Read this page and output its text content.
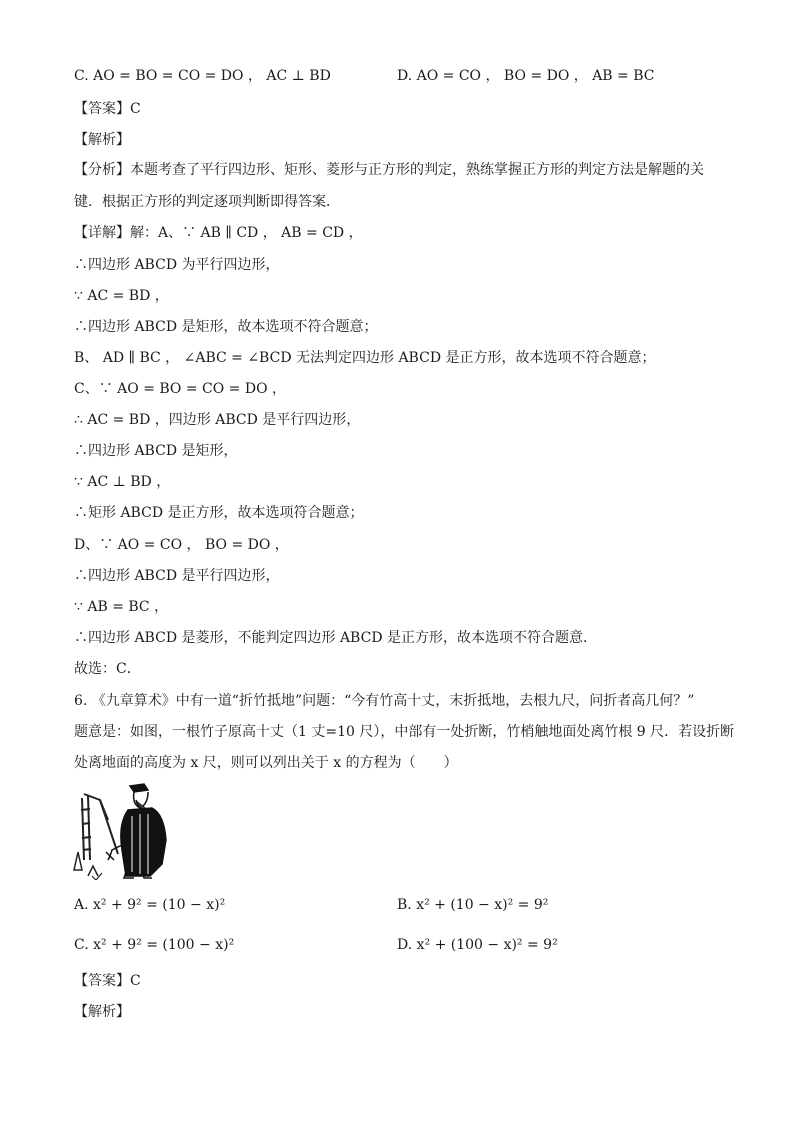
C. AO = BO = CO = DO ， AC ⊥ BD	D. AO = CO ， BO = DO ， AB = BC
【答案】C
【解析】
【分析】本题考查了平行四边形、矩形、菱形与正方形的判定，熟练掌握正方形的判定方法是解题的关
键．根据正方形的判定逐项判断即得答案．
【详解】解：A、∵ AB ∥ CD ， AB = CD ，
∴四边形 ABCD 为平行四边形，
∵ AC = BD ，
∴四边形 ABCD 是矩形，故本选项不符合题意；
B、 AD ∥ BC ， ∠ABC = ∠BCD 无法判定四边形 ABCD 是正方形，故本选项不符合题意；
C、∵ AO = BO = CO = DO ，
∴ AC = BD ，四边形 ABCD 是平行四边形，
∴四边形 ABCD 是矩形，
∵ AC ⊥ BD ，
∴矩形 ABCD 是正方形，故本选项符合题意；
D、∵ AO = CO ， BO = DO ，
∴四边形 ABCD 是平行四边形，
∵ AB = BC ，
∴四边形 ABCD 是菱形，不能判定四边形 ABCD 是正方形，故本选项不符合题意．
故选：C．
6. 《九章算术》中有一道“折竹抵地”问题：“今有竹高十丈，末折抵地，去根九尺，问折者高几何？”
题意是：如图，一根竹子原高十丈（1 丈=10 尺），中部有一处折断，竹梢触地面处离竹根 9 尺．若设折断
处离地面的高度为 x 尺，则可以列出关于 x 的方程为（　　）
A. x² + 9² = (10 − x)²	B. x² + (10 − x)² = 9²
C. x² + 9² = (100 − x)²	D. x² + (100 − x)² = 9²
【答案】C
【解析】
